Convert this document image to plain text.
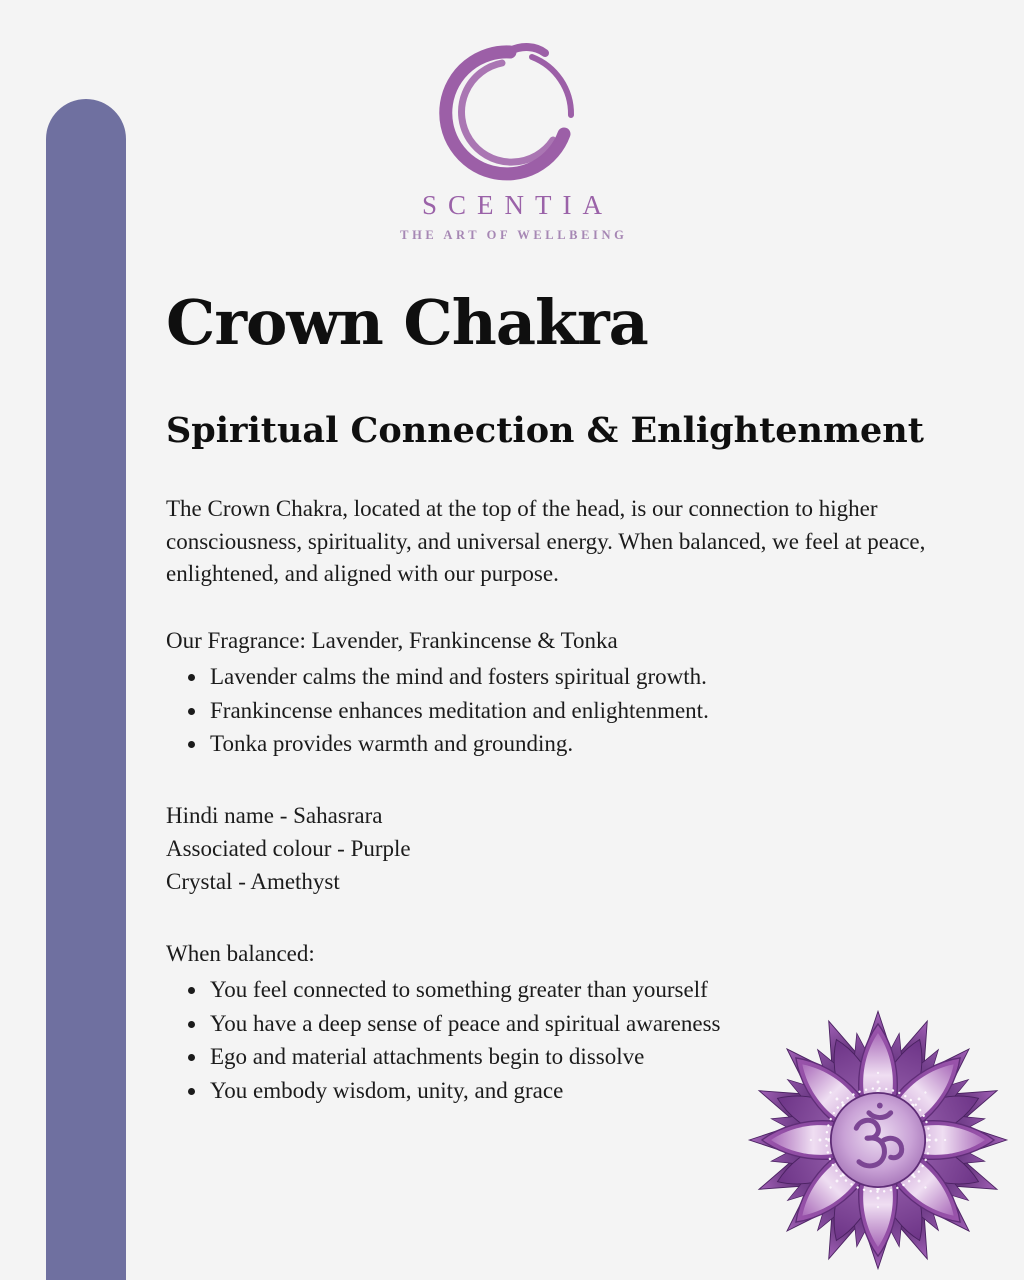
SCENTIA
THE ART OF WELLBEING
Crown Chakra
Spiritual Connection & Enlightenment

The Crown Chakra, located at the top of the head, is our connection to higher consciousness, spirituality, and universal energy. When balanced, we feel at peace, enlightened, and aligned with our purpose.

Our Fragrance: Lavender, Frankincense & Tonka

• Lavender calms the mind and fosters spiritual growth.
• Frankincense enhances meditation and enlightenment.
• Tonka provides warmth and grounding.
Hindi name - Sahasrara
Associated colour - Purple
Crystal - Amethyst

When balanced:

• You feel connected to something greater than yourself
• You have a deep sense of peace and spiritual awareness
• Ego and material attachments begin to dissolve
• You embody wisdom, unity, and grace
